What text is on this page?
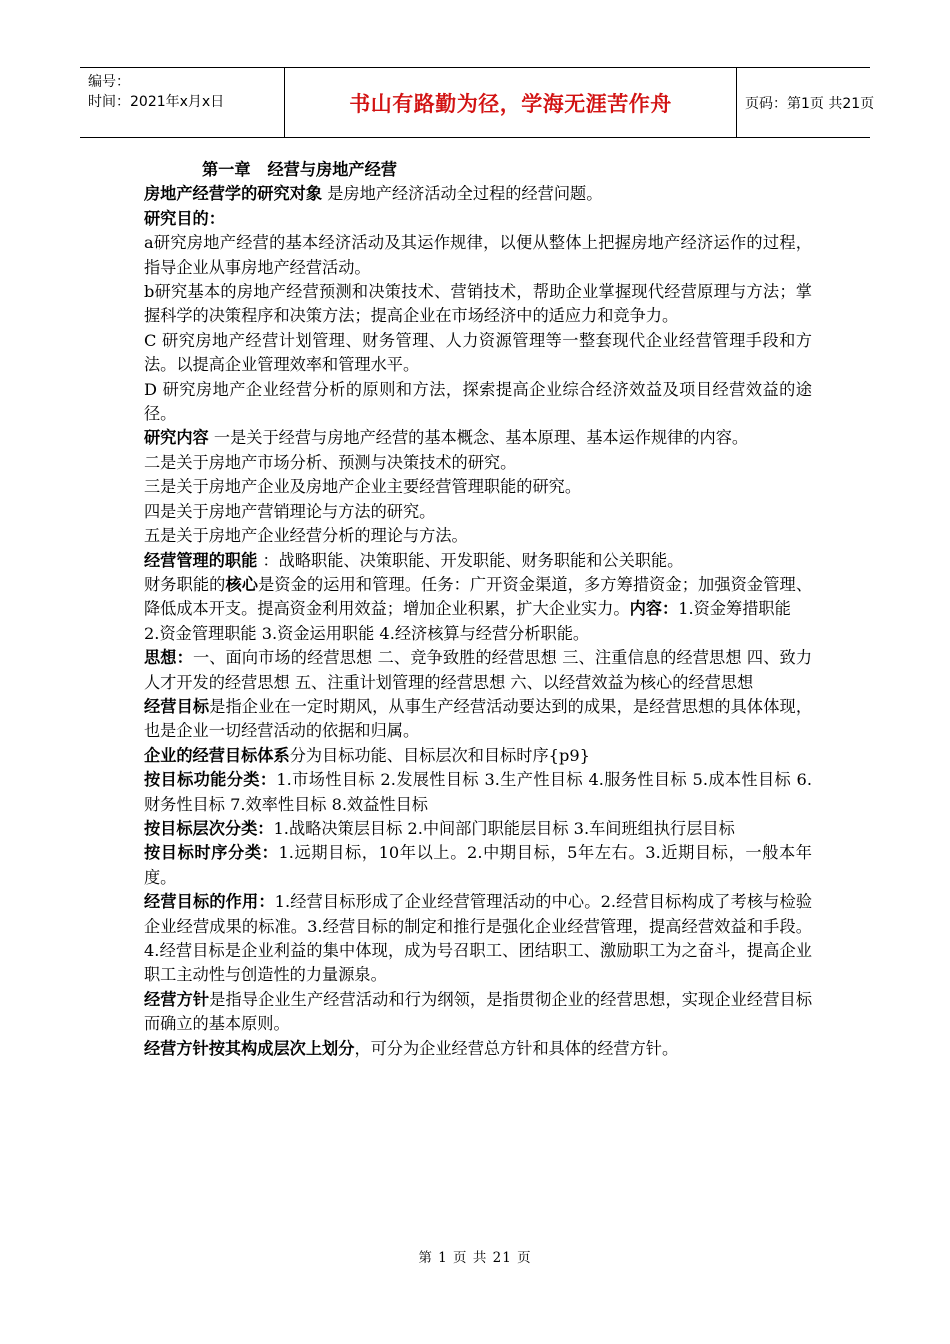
编号：
时间：2021年x月x日	书山有路勤为径，学海无涯苦作舟	页码：第1页 共21页

第一章   经营与房地产经营

房地产经营学的研究对象 是房地产经济活动全过程的经营问题。

研究目的：

a研究房地产经营的基本经济活动及其运作规律，以便从整体上把握房地产经济运作的过程，指导企业从事房地产经营活动。

b研究基本的房地产经营预测和决策技术、营销技术，帮助企业掌握现代经营原理与方法；掌握科学的决策程序和决策方法；提高企业在市场经济中的适应力和竞争力。

C 研究房地产经营计划管理、财务管理、人力资源管理等一整套现代企业经营管理手段和方法。以提高企业管理效率和管理水平。

D 研究房地产企业经营分析的原则和方法，探索提高企业综合经济效益及项目经营效益的途径。

研究内容 一是关于经营与房地产经营的基本概念、基本原理、基本运作规律的内容。

二是关于房地产市场分析、预测与决策技术的研究。

三是关于房地产企业及房地产企业主要经营管理职能的研究。

四是关于房地产营销理论与方法的研究。

五是关于房地产企业经营分析的理论与方法。

经营管理的职能 ：战略职能、决策职能、开发职能、财务职能和公关职能。

财务职能的核心是资金的运用和管理。任务：广开资金渠道，多方筹措资金；加强资金管理、降低成本开支。提高资金利用效益；增加企业积累，扩大企业实力。内容：1.资金筹措职能

2.资金管理职能 3.资金运用职能 4.经济核算与经营分析职能。

思想：一、面向市场的经营思想 二、竞争致胜的经营思想 三、注重信息的经营思想 四、致力人才开发的经营思想 五、注重计划管理的经营思想 六、以经营效益为核心的经营思想

经营目标是指企业在一定时期风，从事生产经营活动要达到的成果，是经营思想的具体体现，也是企业一切经营活动的依据和归属。

企业的经营目标体系分为目标功能、目标层次和目标时序{p9}

按目标功能分类：1.市场性目标 2.发展性目标 3.生产性目标 4.服务性目标 5.成本性目标 6.财务性目标 7.效率性目标 8.效益性目标

按目标层次分类：1.战略决策层目标 2.中间部门职能层目标 3.车间班组执行层目标

按目标时序分类：1.远期目标，10年以上。2.中期目标，5年左右。3.近期目标，一般本年度。

经营目标的作用：1.经营目标形成了企业经营管理活动的中心。2.经营目标构成了考核与检验企业经营成果的标准。3.经营目标的制定和推行是强化企业经营管理，提高经营效益和手段。4.经营目标是企业利益的集中体现，成为号召职工、团结职工、激励职工为之奋斗，提高企业职工主动性与创造性的力量源泉。

经营方针是指导企业生产经营活动和行为纲领，是指贯彻企业的经营思想，实现企业经营目标而确立的基本原则。

经营方针按其构成层次上划分，可分为企业经营总方针和具体的经营方针。

第 1 页 共 21 页
